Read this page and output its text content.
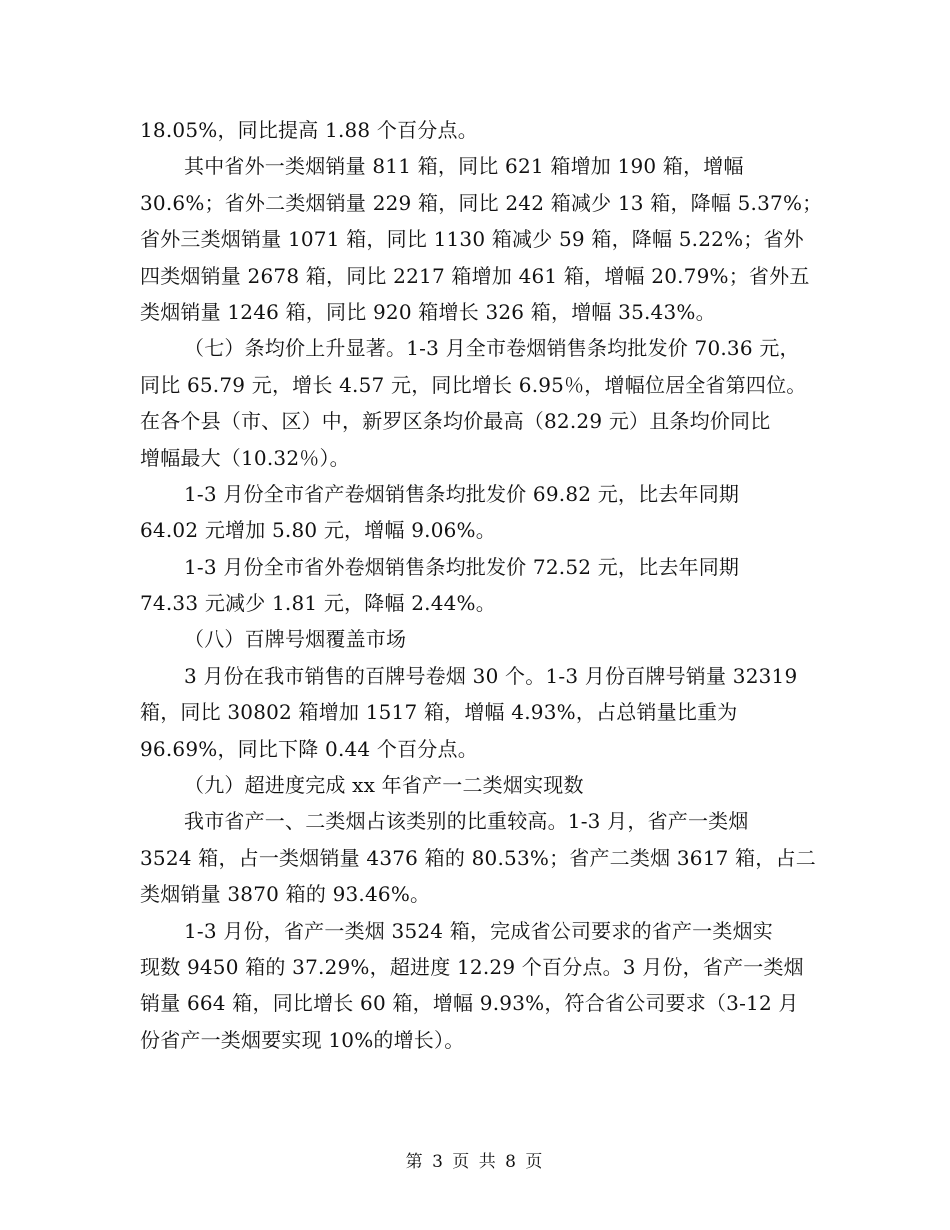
18.05%，同比提高 1.88 个百分点。
其中省外一类烟销量 811 箱，同比 621 箱增加 190 箱，增幅
30.6%；省外二类烟销量 229 箱，同比 242 箱减少 13 箱，降幅 5.37%；
省外三类烟销量 1071 箱，同比 1130 箱减少 59 箱，降幅 5.22%；省外
四类烟销量 2678 箱，同比 2217 箱增加 461 箱，增幅 20.79%；省外五
类烟销量 1246 箱，同比 920 箱增长 326 箱，增幅 35.43%。
（七）条均价上升显著。1-3 月全市卷烟销售条均批发价 70.36 元，
同比 65.79 元，增长 4.57 元，同比增长 6.95％，增幅位居全省第四位。
在各个县（市、区）中，新罗区条均价最高（82.29 元）且条均价同比
增幅最大（10.32％）。
1-3 月份全市省产卷烟销售条均批发价 69.82 元，比去年同期
64.02 元增加 5.80 元，增幅 9.06%。
1-3 月份全市省外卷烟销售条均批发价 72.52 元，比去年同期
74.33 元减少 1.81 元，降幅 2.44%。
（八）百牌号烟覆盖市场
3 月份在我市销售的百牌号卷烟 30 个。1-3 月份百牌号销量 32319
箱，同比 30802 箱增加 1517 箱，增幅 4.93%，占总销量比重为
96.69%，同比下降 0.44 个百分点。
（九）超进度完成 xx 年省产一二类烟实现数
我市省产一、二类烟占该类别的比重较高。1-3 月，省产一类烟
3524 箱，占一类烟销量 4376 箱的 80.53%；省产二类烟 3617 箱，占二
类烟销量 3870 箱的 93.46%。
1-3 月份，省产一类烟 3524 箱，完成省公司要求的省产一类烟实
现数 9450 箱的 37.29%，超进度 12.29 个百分点。3 月份，省产一类烟
销量 664 箱，同比增长 60 箱，增幅 9.93%，符合省公司要求（3-12 月
份省产一类烟要实现 10%的增长）。
第 3 页 共 8 页
